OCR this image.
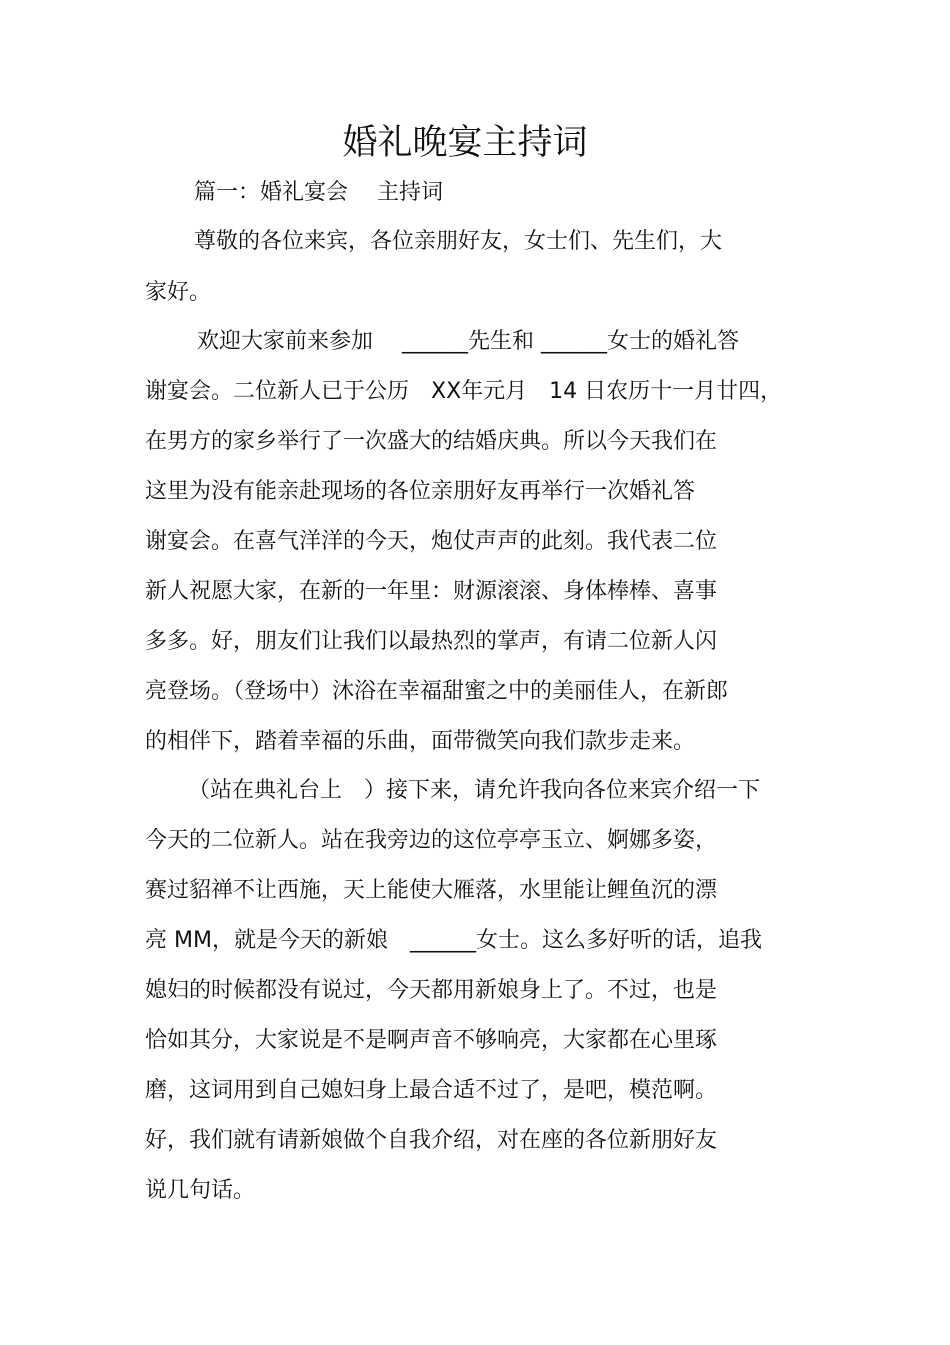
婚礼晚宴主持词
篇一：婚礼宴会　 主持词
尊敬的各位来宾，各位亲朋好友，女士们、先生们，大
家好。
欢迎大家前来参加　 ______先生和 ______女士的婚礼答
谢宴会。二位新人已于公历　XX年元月　14 日农历十一月廿四，
在男方的家乡举行了一次盛大的结婚庆典。所以今天我们在
这里为没有能亲赴现场的各位亲朋好友再举行一次婚礼答
谢宴会。在喜气洋洋的今天，炮仗声声的此刻。我代表二位
新人祝愿大家，在新的一年里：财源滚滚、身体棒棒、喜事
多多。好，朋友们让我们以最热烈的掌声，有请二位新人闪
亮登场。（登场中）沐浴在幸福甜蜜之中的美丽佳人，在新郎
的相伴下，踏着幸福的乐曲，面带微笑向我们款步走来。
（站在典礼台上　）接下来，请允许我向各位来宾介绍一下
今天的二位新人。站在我旁边的这位亭亭玉立、婀娜多姿，
赛过貂禅不让西施，天上能使大雁落，水里能让鲤鱼沉的漂
亮 MM，就是今天的新娘　______女士。这么多好听的话，追我
媳妇的时候都没有说过，今天都用新娘身上了。不过，也是
恰如其分，大家说是不是啊声音不够响亮，大家都在心里琢
磨，这词用到自己媳妇身上最合适不过了，是吧，模范啊。
好，我们就有请新娘做个自我介绍，对在座的各位新朋好友
说几句话。
